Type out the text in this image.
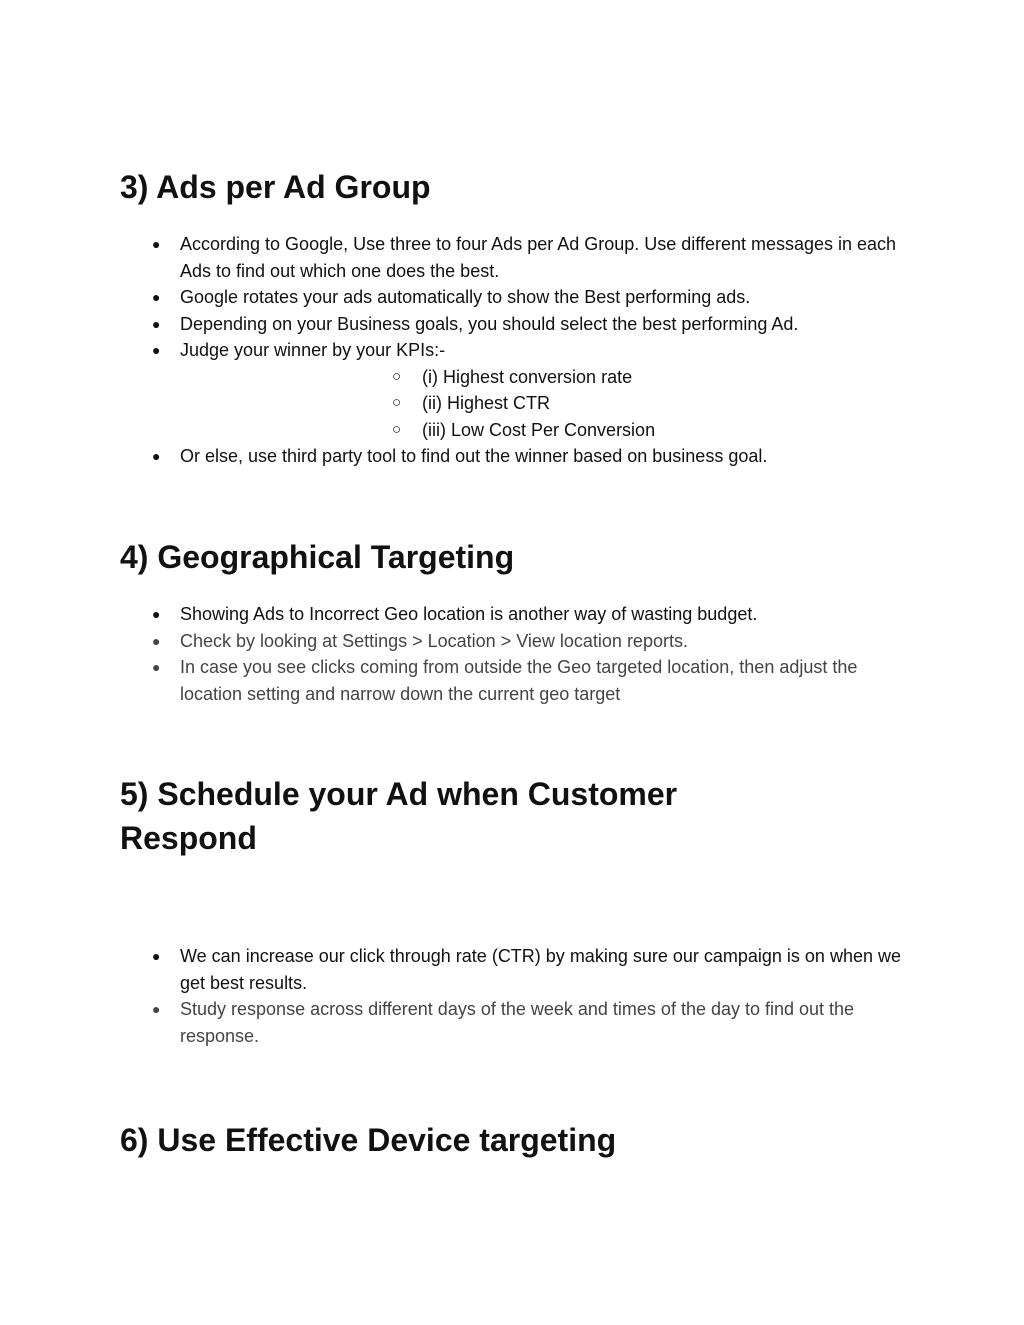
3) Ads per Ad Group
● According to Google, Use three to four Ads per Ad Group. Use different messages in each Ads to find out which one does the best.
● Google rotates your ads automatically to show the Best performing ads.
● Depending on your Business goals, you should select the best performing Ad.
● Judge your winner by your KPIs:-
○ (i) Highest conversion rate
○ (ii) Highest CTR
○ (iii) Low Cost Per Conversion
● Or else, use third party tool to find out the winner based on business goal.
4) Geographical Targeting
● Showing Ads to Incorrect Geo location is another way of wasting budget.
● Check by looking at Settings > Location > View location reports.
● In case you see clicks coming from outside the Geo targeted location, then adjust the location setting and narrow down the current geo target
5) Schedule your Ad when Customer
Respond
● We can increase our click through rate (CTR) by making sure our campaign is on when we get best results.
● Study response across different days of the week and times of the day to find out the response.
6) Use Effective Device targeting
